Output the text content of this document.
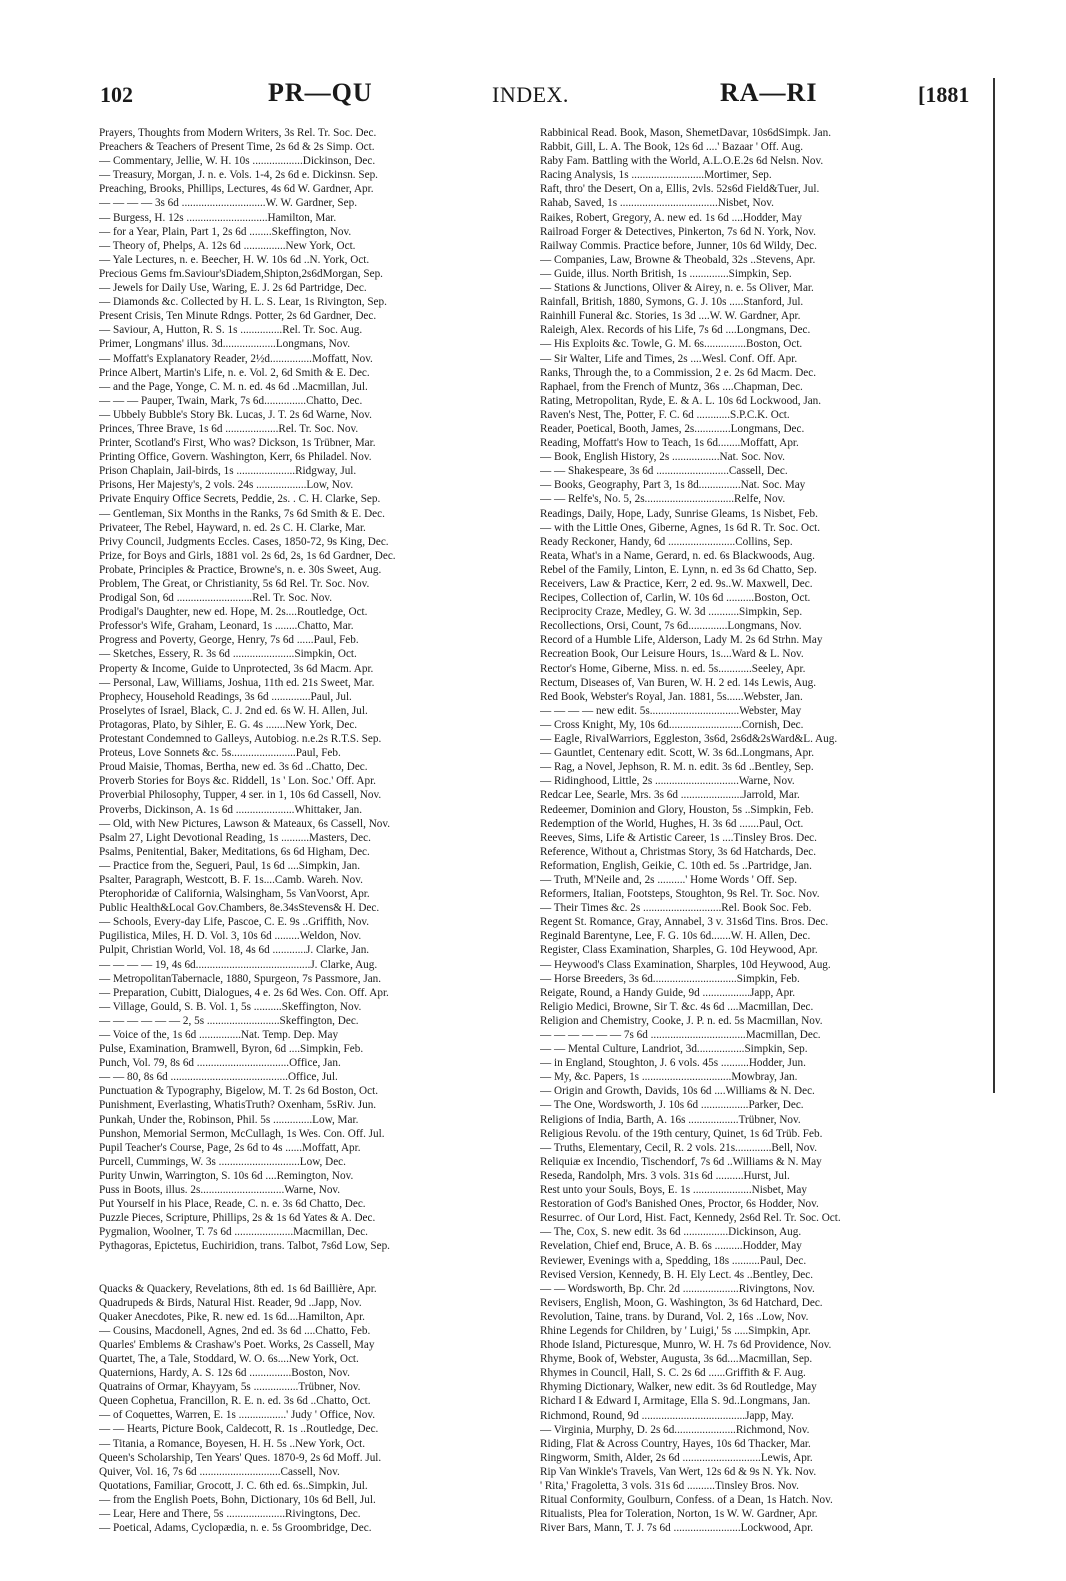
102	PR—QU	INDEX.	RA—RI	[1881
Prayers, Thoughts from Modern Writers, 3s Rel. Tr. Soc. Dec.
Preachers & Teachers of Present Time, 2s 6d & 2s Simp. Oct.
— Commentary, Jellie, W. H. 10s ..................Dickinson, Dec.
— Treasury, Morgan, J. n. e. Vols. 1-4, 2s 6d e. Dickinsn. Sep.
Preaching, Brooks, Phillips, Lectures, 4s 6d W. Gardner, Apr.
— — — — 3s 6d ..............................W. W. Gardner, Sep.
— Burgess, H. 12s .............................Hamilton, Mar.
— for a Year, Plain, Part 1, 2s 6d ........Skeffington, Nov.
— Theory of, Phelps, A. 12s 6d ...............New York, Oct.
— Yale Lectures, n. e. Beecher, H. W. 10s 6d ..N. York, Oct.
Precious Gems fm.Saviour'sDiadem,Shipton,2s6dMorgan, Sep.
— Jewels for Daily Use, Waring, E. J. 2s 6d Partridge, Dec.
— Diamonds &c. Collected by H. L. S. Lear, 1s Rivington, Sep.
Present Crisis, Ten Minute Rdngs. Potter, 2s 6d Gardner, Dec.
— Saviour, A, Hutton, R. S. 1s ...............Rel. Tr. Soc. Aug.
Primer, Longmans' illus. 3d...................Longmans, Nov.
— Moffatt's Explanatory Reader, 2½d...............Moffatt, Nov.
Prince Albert, Martin's Life, n. e. Vol. 2, 6d Smith & E. Dec.
— and the Page, Yonge, C. M. n. ed. 4s 6d ..Macmillan, Jul.
— — — Pauper, Twain, Mark, 7s 6d...............Chatto, Dec.
— Ubbely Bubble's Story Bk. Lucas, J. T. 2s 6d Warne, Nov.
Princes, Three Brave, 1s 6d ...................Rel. Tr. Soc. Nov.
Printer, Scotland's First, Who was? Dickson, 1s Trübner, Mar.
Printing Office, Govern. Washington, Kerr, 6s Philadel. Nov.
Prison Chaplain, Jail-birds, 1s .....................Ridgway, Jul.
Prisons, Her Majesty's, 2 vols. 24s ..................Low, Nov.
Private Enquiry Office Secrets, Peddie, 2s. . C. H. Clarke, Sep.
— Gentleman, Six Months in the Ranks, 7s 6d Smith & E. Dec.
Privateer, The Rebel, Hayward, n. ed. 2s C. H. Clarke, Mar.
Privy Council, Judgments Eccles. Cases, 1850-72, 9s King, Dec.
Prize, for Boys and Girls, 1881 vol. 2s 6d, 2s, 1s 6d Gardner, Dec.
Probate, Principles & Practice, Browne's, n. e. 30s Sweet, Aug.
Problem, The Great, or Christianity, 5s 6d Rel. Tr. Soc. Nov.
Prodigal Son, 6d ...........................Rel. Tr. Soc. Nov.
Prodigal's Daughter, new ed. Hope, M. 2s....Routledge, Oct.
Professor's Wife, Graham, Leonard, 1s ........Chatto, Mar.
Progress and Poverty, George, Henry, 7s 6d ......Paul, Feb.
— Sketches, Essery, R. 3s 6d ......................Simpkin, Oct.
Property & Income, Guide to Unprotected, 3s 6d Macm. Apr.
— Personal, Law, Williams, Joshua, 11th ed. 21s Sweet, Mar.
Prophecy, Household Readings, 3s 6d ..............Paul, Jul.
Proselytes of Israel, Black, C. J. 2nd ed. 6s W. H. Allen, Jul.
Protagoras, Plato, by Sihler, E. G. 4s .......New York, Dec.
Protestant Condemned to Galleys, Autobiog. n.e.2s R.T.S. Sep.
Proteus, Love Sonnets &c. 5s.......................Paul, Feb.
Proud Maisie, Thomas, Bertha, new ed. 3s 6d ..Chatto, Dec.
Proverb Stories for Boys &c. Riddell, 1s ' Lon. Soc.' Off. Apr.
Proverbial Philosophy, Tupper, 4 ser. in 1, 10s 6d Cassell, Nov.
Proverbs, Dickinson, A. 1s 6d .....................Whittaker, Jan.
— Old, with New Pictures, Lawson & Mateaux, 6s Cassell, Nov.
Psalm 27, Light Devotional Reading, 1s ..........Masters, Dec.
Psalms, Penitential, Baker, Meditations, 6s 6d Higham, Dec.
— Practice from the, Segueri, Paul, 1s 6d ....Simpkin, Jan.
Psalter, Paragraph, Westcott, B. F. 1s....Camb. Wareh. Nov.
Pterophoridæ of California, Walsingham, 5s VanVoorst, Apr.
Public Health&Local Gov.Chambers, 8e.34sStevens& H. Dec.
— Schools, Every-day Life, Pascoe, C. E. 9s ..Griffith, Nov.
Pugilistica, Miles, H. D. Vol. 3, 10s 6d .........Weldon, Nov.
Pulpit, Christian World, Vol. 18, 4s 6d ............J. Clarke, Jan.
— — — — 19, 4s 6d.........................................J. Clarke, Aug.
— MetropolitanTabernacle, 1880, Spurgeon, 7s Passmore, Jan.
— Preparation, Cubitt, Dialogues, 4 e. 2s 6d Wes. Con. Off. Apr.
— Village, Gould, S. B. Vol. 1, 5s ..........Skeffington, Nov.
— — — — — — 2, 5s ..........................Skeffington, Dec.
— Voice of the, 1s 6d ...............Nat. Temp. Dep. May
Pulse, Examination, Bramwell, Byron, 6d ....Simpkin, Feb.
Punch, Vol. 79, 8s 6d .................................Office, Jan.
— — 80, 8s 6d ..........................................Office, Jul.
Punctuation & Typography, Bigelow, M. T. 2s 6d Boston, Oct.
Punishment, Everlasting, WhatisTruth? Oxenham, 5sRiv. Jun.
Punkah, Under the, Robinson, Phil. 5s ..............Low, Mar.
Punshon, Memorial Sermon, McCullagh, 1s Wes. Con. Off. Jul.
Pupil Teacher's Course, Page, 2s 6d to 4s ......Moffatt, Apr.
Purcell, Cummings, W. 3s .............................Low, Dec.
Purity Unwin, Warrington, S. 10s 6d ....Remington, Nov.
Puss in Boots, illus. 2s..............................Warne, Nov.
Put Yourself in his Place, Reade, C. n. e. 3s 6d Chatto, Dec.
Puzzle Pieces, Scripture, Phillips, 2s & 1s 6d Yates & A. Dec.
Pygmalion, Woolner, T. 7s 6d .....................Macmillan, Dec.
Pythagoras, Epictetus, Euchiridion, trans. Talbot, 7s6d Low, Sep.
Quacks & Quackery, Revelations, 8th ed. 1s 6d Baillière, Apr.
Quadrupeds & Birds, Natural Hist. Reader, 9d ..Japp, Nov.
Quaker Anecdotes, Pike, R. new ed. 1s 6d....Hamilton, Apr.
— Cousins, Macdonell, Agnes, 2nd ed. 3s 6d ....Chatto, Feb.
Quarles' Emblems & Crashaw's Poet. Works, 2s Cassell, May
Quartet, The, a Tale, Stoddard, W. O. 6s....New York, Oct.
Quaternions, Hardy, A. S. 12s 6d ...............Boston, Nov.
Quatrains of Ormar, Khayyam, 5s ................Trübner, Nov.
Queen Cophetua, Francillon, R. E. n. ed. 3s 6d ..Chatto, Oct.
— of Coquettes, Warren, E. 1s .................' Judy ' Office, Nov.
— — Hearts, Picture Book, Caldecott, R. 1s ..Routledge, Dec.
— Titania, a Romance, Boyesen, H. H. 5s ..New York, Oct.
Queen's Scholarship, Ten Years' Ques. 1870-9, 2s 6d Moff. Jul.
Quiver, Vol. 16, 7s 6d .............................Cassell, Nov.
Quotations, Familiar, Grocott, J. C. 6th ed. 6s..Simpkin, Jul.
— from the English Poets, Bohn, Dictionary, 10s 6d Bell, Jul.
— Lear, Here and There, 5s .....................Rivingtons, Dec.
— Poetical, Adams, Cyclopædia, n. e. 5s Groombridge, Dec.
Rabbinical Read. Book, Mason, ShemetDavar, 10s6dSimpk. Jan.
Rabbit, Gill, L. A. The Book, 12s 6d ....' Bazaar ' Off. Aug.
Raby Fam. Battling with the World, A.L.O.E.2s 6d Nelsn. Nov.
Racing Analysis, 1s ..........................Mortimer, Sep.
Raft, thro' the Desert, On a, Ellis, 2vls. 52s6d Field&Tuer, Jul.
Rahab, Saved, 1s ...................................Nisbet, Nov.
Raikes, Robert, Gregory, A. new ed. 1s 6d ....Hodder, May
Railroad Forger & Detectives, Pinkerton, 7s 6d N. York, Nov.
Railway Commis. Practice before, Junner, 10s 6d Wildy, Dec.
— Companies, Law, Browne & Theobald, 32s ..Stevens, Apr.
— Guide, illus. North British, 1s ..............Simpkin, Sep.
— Stations & Junctions, Oliver & Airey, n. e. 5s Oliver, Mar.
Rainfall, British, 1880, Symons, G. J. 10s .....Stanford, Jul.
Rainhill Funeral &c. Stories, 1s 3d ....W. W. Gardner, Apr.
Raleigh, Alex. Records of his Life, 7s 6d ....Longmans, Dec.
— His Exploits &c. Towle, G. M. 6s...............Boston, Oct.
— Sir Walter, Life and Times, 2s ....Wesl. Conf. Off. Apr.
Ranks, Through the, to a Commission, 2 e. 2s 6d Macm. Dec.
Raphael, from the French of Muntz, 36s ....Chapman, Dec.
Rating, Metropolitan, Ryde, E. & A. L. 10s 6d Lockwood, Jan.
Raven's Nest, The, Potter, F. C. 6d ............S.P.C.K. Oct.
Reader, Poetical, Booth, James, 2s.............Longmans, Dec.
Reading, Moffatt's How to Teach, 1s 6d........Moffatt, Apr.
— Book, English History, 2s .................Nat. Soc. Nov.
— — Shakespeare, 3s 6d ..........................Cassell, Dec.
— Books, Geography, Part 3, 1s 8d...............Nat. Soc. May
— — Relfe's, No. 5, 2s................................Relfe, Nov.
Readings, Daily, Hope, Lady, Sunrise Gleams, 1s Nisbet, Feb.
— with the Little Ones, Giberne, Agnes, 1s 6d R. Tr. Soc. Oct.
Ready Reckoner, Handy, 6d ........................Collins, Sep.
Reata, What's in a Name, Gerard, n. ed. 6s Blackwoods, Aug.
Rebel of the Family, Linton, E. Lynn, n. ed 3s 6d Chatto, Sep.
Receivers, Law & Practice, Kerr, 2 ed. 9s..W. Maxwell, Dec.
Recipes, Collection of, Carlin, W. 10s 6d ..........Boston, Oct.
Reciprocity Craze, Medley, G. W. 3d ...........Simpkin, Sep.
Recollections, Orsi, Count, 7s 6d..............Longmans, Nov.
Record of a Humble Life, Alderson, Lady M. 2s 6d Strhn. May
Recreation Book, Our Leisure Hours, 1s....Ward & L. Nov.
Rector's Home, Giberne, Miss. n. ed. 5s............Seeley, Apr.
Rectum, Diseases of, Van Buren, W. H. 2 ed. 14s Lewis, Aug.
Red Book, Webster's Royal, Jan. 1881, 5s......Webster, Jan.
— — — — new edit. 5s................................Webster, May
— Cross Knight, My, 10s 6d..........................Cornish, Dec.
— Eagle, RivalWarriors, Eggleston, 3s6d, 2s6d&2sWard&L. Aug.
— Gauntlet, Centenary edit. Scott, W. 3s 6d..Longmans, Apr.
— Rag, a Novel, Jephson, R. M. n. edit. 3s 6d ..Bentley, Sep.
— Ridinghood, Little, 2s ..............................Warne, Nov.
Redcar Lee, Searle, Mrs. 3s 6d ......................Jarrold, Mar.
Redeemer, Dominion and Glory, Houston, 5s ..Simpkin, Feb.
Redemption of the World, Hughes, H. 3s 6d .......Paul, Oct.
Reeves, Sims, Life & Artistic Career, 1s ....Tinsley Bros. Dec.
Reference, Without a, Christmas Story, 3s 6d Hatchards, Dec.
Reformation, English, Geikie, C. 10th ed. 5s ..Partridge, Jan.
— Truth, M'Neile and, 2s ..........' Home Words ' Off. Sep.
Reformers, Italian, Footsteps, Stoughton, 9s Rel. Tr. Soc. Nov.
— Their Times &c. 2s ............................Rel. Book Soc. Feb.
Regent St. Romance, Gray, Annabel, 3 v. 31s6d Tins. Bros. Dec.
Reginald Barentyne, Lee, F. G. 10s 6d.......W. H. Allen, Dec.
Register, Class Examination, Sharples, G. 10d Heywood, Apr.
— Heywood's Class Examination, Sharples, 10d Heywood, Aug.
— Horse Breeders, 3s 6d..............................Simpkin, Feb.
Reigate, Round, a Handy Guide, 9d .................Japp, Apr.
Religio Medici, Browne, Sir T. &c. 4s 6d ....Macmillan, Dec.
Religion and Chemistry, Cooke, J. P. n. ed. 5s Macmillan, Nov.
— — — — — — 7s 6d ..................................Macmillan, Dec.
— — Mental Culture, Landriot, 3d.................Simpkin, Sep.
— in England, Stoughton, J. 6 vols. 45s ..........Hodder, Jun.
— My, &c. Papers, 1s ................................Mowbray, Jan.
— Origin and Growth, Davids, 10s 6d ....Williams & N. Dec.
— The One, Wordsworth, J. 10s 6d .................Parker, Dec.
Religions of India, Barth, A. 16s ..................Trübner, Nov.
Religious Revolu. of the 19th century, Quinet, 1s 6d Trüb. Feb.
— Truths, Elementary, Cecil, R. 2 vols. 21s.............Bell, Nov.
Reliquiæ ex Incendio, Tischendorf, 7s 6d ..Williams & N. May
Reseda, Randolph, Mrs. 3 vols. 31s 6d ..........Hurst, Jul.
Rest unto your Souls, Boys, E. 1s .....................Nisbet, May
Restoration of God's Banished Ones, Proctor, 6s Hodder, Nov.
Resurrec. of Our Lord, Hist. Fact, Kennedy, 2s6d Rel. Tr. Soc. Oct.
— The, Cox, S. new edit. 3s 6d ................Dickinson, Aug.
Revelation, Chief end, Bruce, A. B. 6s ..........Hodder, May
Reviewer, Evenings with a, Spedding, 18s ..........Paul, Dec.
Revised Version, Kennedy, B. H. Ely Lect. 4s ..Bentley, Dec.
— — Wordsworth, Bp. Chr. 2d ....................Rivingtons, Nov.
Revisers, English, Moon, G. Washington, 3s 6d Hatchard, Dec.
Revolution, Taine, trans. by Durand, Vol. 2, 16s ..Low, Nov.
Rhine Legends for Children, by ' Luigi,' 5s .....Simpkin, Apr.
Rhode Island, Picturesque, Munro, W. H. 7s 6d Providence, Nov.
Rhyme, Book of, Webster, Augusta, 3s 6d....Macmillan, Sep.
Rhymes in Council, Hall, S. C. 2s 6d ......Griffith & F. Aug.
Rhyming Dictionary, Walker, new edit. 3s 6d Routledge, May
Richard I & Edward I, Armitage, Ella S. 9d..Longmans, Jan.
Richmond, Round, 9d .....................................Japp, May.
— Virginia, Murphy, D. 2s 6d......................Richmond, Nov.
Riding, Flat & Across Country, Hayes, 10s 6d Thacker, Mar.
Ringworm, Smith, Alder, 2s 6d ............................Lewis, Apr.
Rip Van Winkle's Travels, Van Wert, 12s 6d & 9s N. Yk. Nov.
' Rita,' Fragoletta, 3 vols. 31s 6d ..........Tinsley Bros. Nov.
Ritual Conformity, Goulburn, Confess. of a Dean, 1s Hatch. Nov.
Ritualists, Plea for Toleration, Norton, 1s W. W. Gardner, Apr.
River Bars, Mann, T. J. 7s 6d ........................Lockwood, Apr.
